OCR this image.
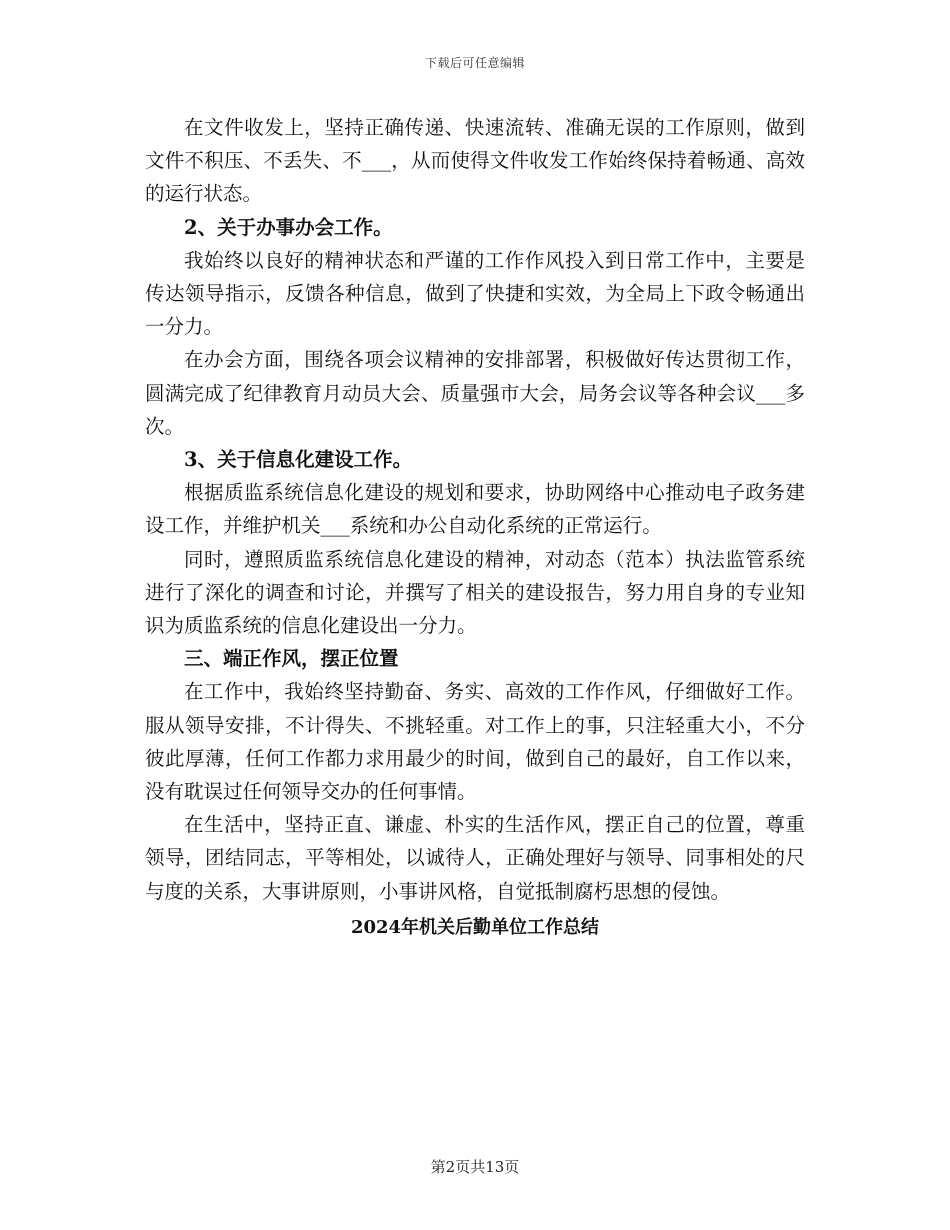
下载后可任意编辑

在文件收发上，坚持正确传递、快速流转、准确无误的工作原则，做到文件不积压、不丢失、不___，从而使得文件收发工作始终保持着畅通、高效的运行状态。

2、关于办事办会工作。

我始终以良好的精神状态和严谨的工作作风投入到日常工作中，主要是传达领导指示，反馈各种信息，做到了快捷和实效，为全局上下政令畅通出一分力。

在办会方面，围绕各项会议精神的安排部署，积极做好传达贯彻工作，圆满完成了纪律教育月动员大会、质量强市大会，局务会议等各种会议___多次。

3、关于信息化建设工作。

根据质监系统信息化建设的规划和要求，协助网络中心推动电子政务建设工作，并维护机关___系统和办公自动化系统的正常运行。

同时，遵照质监系统信息化建设的精神，对动态（范本）执法监管系统进行了深化的调查和讨论，并撰写了相关的建设报告，努力用自身的专业知识为质监系统的信息化建设出一分力。

三、端正作风，摆正位置

在工作中，我始终坚持勤奋、务实、高效的工作作风，仔细做好工作。服从领导安排，不计得失、不挑轻重。对工作上的事，只注轻重大小，不分彼此厚薄，任何工作都力求用最少的时间，做到自己的最好，自工作以来，没有耽误过任何领导交办的任何事情。

在生活中，坚持正直、谦虚、朴实的生活作风，摆正自己的位置，尊重领导，团结同志，平等相处，以诚待人，正确处理好与领导、同事相处的尺与度的关系，大事讲原则，小事讲风格，自觉抵制腐朽思想的侵蚀。

2024年机关后勤单位工作总结
第2页共13页
